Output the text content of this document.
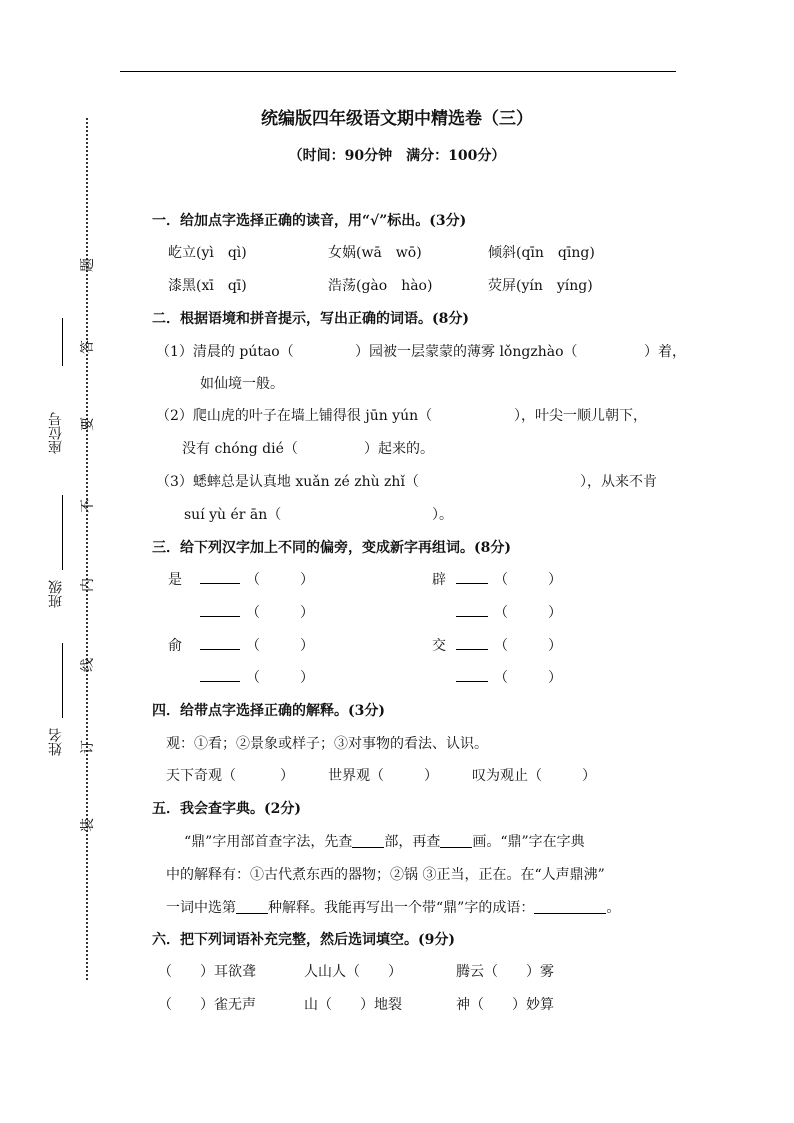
统编版四年级语文期中精选卷（三）
（时间：90分钟　满分：100分）
座位号
班级
姓名
题
答
要
不
内
线
订
装
一．给加点字选择正确的读音，用“√”标出。(3分)
屹立(yì　qì)	女娲(wā　wō)	倾斜(qīn　qīng)
漆黑(xī　qī)	浩荡(gào　hào)	荧屏(yín　yíng)
二．根据语境和拼音提示，写出正确的词语。(8分)
（1）清晨的 pútao（	）园被一层蒙蒙的薄雾 lǒngzhào（	）着，
如仙境一般。
（2）爬山虎的叶子在墙上铺得很 jūn yún（	），叶尖一顺儿朝下，
没有 chóng dié（	）起来的。
（3）蟋蟀总是认真地 xuǎn zé zhù zhǐ（	），从来不肯
suí yù ér ān（	）。
三．给下列汉字加上不同的偏旁，变成新字再组词。(8分)
是	（	）	辟	（	）
（	）	（	）
俞	（	）	交	（	）
（	）	（	）
四．给带点字选择正确的解释。(3分)
观：①看；②景象或样子；③对事物的看法、认识。
天下奇观（	） 世界观（	） 叹为观止（	）
五．我会查字典。(2分)
“鼎”字用部首查字法，先查 部，再查 画。“鼎”字在字典
中的解释有：①古代煮东西的器物；②锅 ③正当，正在。在“人声鼎沸”
一词中选第 种解释。我能再写出一个带“鼎”字的成语：	。
六．把下列词语补充完整，然后选词填空。(9分)
（　　）耳欲聋	人山人（　　）	腾云（　　）雾
（　　）雀无声	山（　　）地裂	神（　　）妙算
